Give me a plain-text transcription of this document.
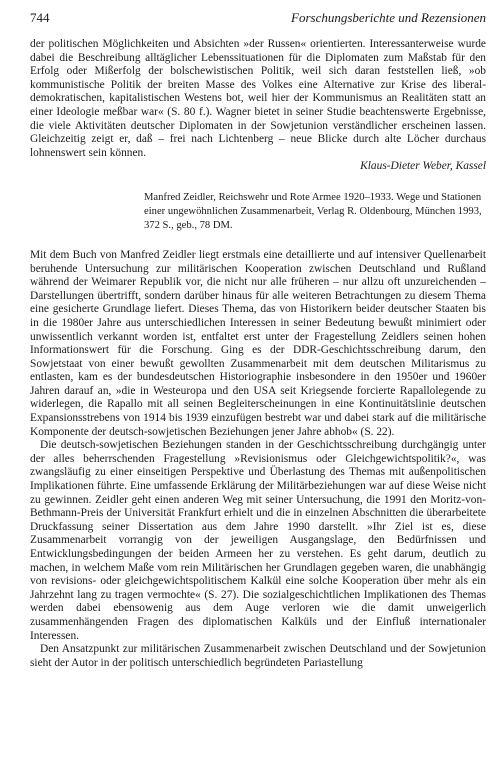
744	Forschungsberichte und Rezensionen

der politischen Möglichkeiten und Absichten »der Russen« orientierten. Interessanterweise wurde dabei die Beschreibung alltäglicher Lebenssituationen für die Diplomaten zum Maßstab für den Erfolg oder Mißerfolg der bolschewistischen Politik, weil sich daran feststellen ließ, »ob kommunistische Politik der breiten Masse des Volkes eine Alternative zur Krise des liberal-demokratischen, kapitalistischen Westens bot, weil hier der Kommunismus an Realitäten statt an einer Ideologie meßbar war« (S. 80 f.). Wagner bietet in seiner Studie beachtenswerte Ergebnisse, die viele Aktivitäten deutscher Diplomaten in der Sowjetunion verständlicher erscheinen lassen. Gleichzeitig zeigt er, daß – frei nach Lichtenberg – neue Blicke durch alte Löcher durchaus lohnenswert sein können.

Klaus-Dieter Weber, Kassel

Manfred Zeidler, Reichswehr und Rote Armee 1920–1933. Wege und Stationen
einer ungewöhnlichen Zusammenarbeit, Verlag R. Oldenbourg, München 1993,
372 S., geb., 78 DM.

Mit dem Buch von Manfred Zeidler liegt erstmals eine detaillierte und auf intensiver Quellenarbeit beruhende Untersuchung zur militärischen Kooperation zwischen Deutschland und Rußland während der Weimarer Republik vor, die nicht nur alle früheren – nur allzu oft unzureichenden – Darstellungen übertrifft, sondern darüber hinaus für alle weiteren Betrachtungen zu diesem Thema eine gesicherte Grundlage liefert. Dieses Thema, das von Historikern beider deutscher Staaten bis in die 1980er Jahre aus unterschiedlichen Interessen in seiner Bedeutung bewußt minimiert oder unwissentlich verkannt worden ist, entfaltet erst unter der Fragestellung Zeidlers seinen hohen Informationswert für die Forschung. Ging es der DDR-Geschichtsschreibung darum, den Sowjetstaat von einer bewußt gewollten Zusammenarbeit mit dem deutschen Militarismus zu entlasten, kam es der bundesdeutschen Historiographie insbesondere in den 1950er und 1960er Jahren darauf an, »die in Westeuropa und den USA seit Kriegsende forcierte Rapallolegende zu widerlegen, die Rapallo mit all seinen Begleiterscheinungen in eine Kontinuitätslinie deutschen Expansionsstrebens von 1914 bis 1939 einzufügen bestrebt war und dabei stark auf die militärische Komponente der deutsch-sowjetischen Beziehungen jener Jahre abhob« (S. 22).

Die deutsch-sowjetischen Beziehungen standen in der Geschichtsschreibung durchgängig unter der alles beherrschenden Fragestellung »Revisionismus oder Gleichgewichtspolitik?«, was zwangsläufig zu einer einseitigen Perspektive und Überlastung des Themas mit außenpolitischen Implikationen führte. Eine umfassende Erklärung der Militärbeziehungen war auf diese Weise nicht zu gewinnen. Zeidler geht einen anderen Weg mit seiner Untersuchung, die 1991 den Moritz-von-Bethmann-Preis der Universität Frankfurt erhielt und die in einzelnen Abschnitten die überarbeitete Druckfassung seiner Dissertation aus dem Jahre 1990 darstellt. »Ihr Ziel ist es, diese Zusammenarbeit vorrangig von der jeweiligen Ausgangslage, den Bedürfnissen und Entwicklungsbedingungen der beiden Armeen her zu verstehen. Es geht darum, deutlich zu machen, in welchem Maße vom rein Militärischen her Grundlagen gegeben waren, die unabhängig von revisions- oder gleichgewichtspolitischem Kalkül eine solche Kooperation über mehr als ein Jahrzehnt lang zu tragen vermochte« (S. 27). Die sozialgeschichtlichen Implikationen des Themas werden dabei ebensowenig aus dem Auge verloren wie die damit unweigerlich zusammenhängenden Fragen des diplomatischen Kalküls und der Einfluß internationaler Interessen.

Den Ansatzpunkt zur militärischen Zusammenarbeit zwischen Deutschland und der Sowjetunion sieht der Autor in der politisch unterschiedlich begründeten Pariastellung
